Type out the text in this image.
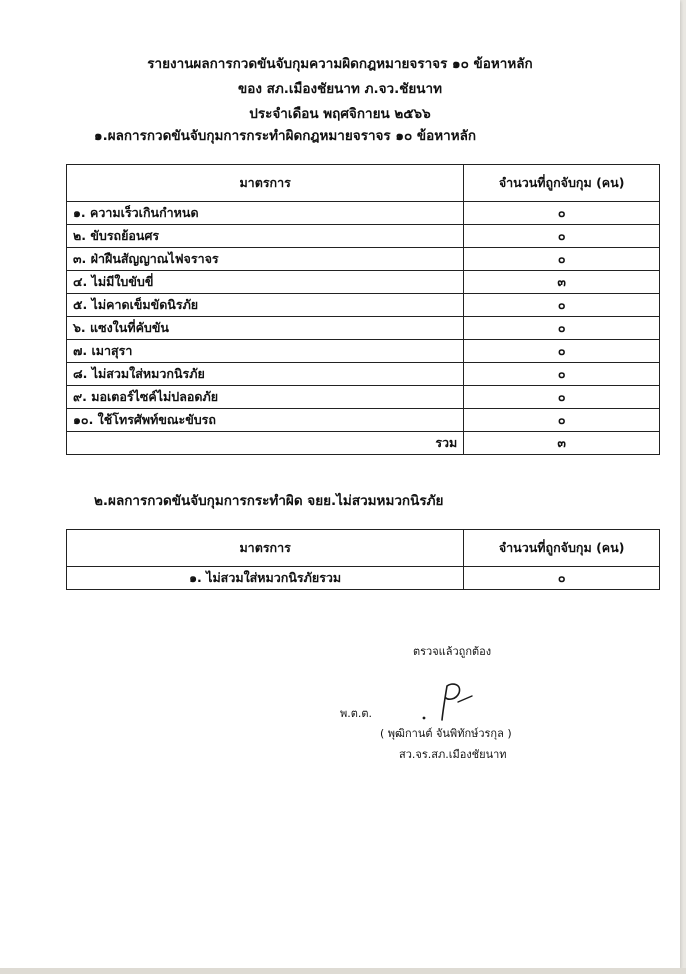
รายงานผลการกวดขันจับกุมความผิดกฎหมายจราจร ๑๐ ข้อหาหลัก
ของ สภ.เมืองชัยนาท ภ.จว.ชัยนาท
ประจำเดือน พฤศจิกายน ๒๕๖๖
๑.ผลการกวดขันจับกุมการกระทำผิดกฎหมายจราจร ๑๐ ข้อหาหลัก
มาตรการ	จำนวนที่ถูกจับกุม (คน)
๑. ความเร็วเกินกำหนด	๐
๒. ขับรถย้อนศร	๐
๓. ฝ่าฝืนสัญญาณไฟจราจร	๐
๔. ไม่มีใบขับขี่	๓
๕. ไม่คาดเข็มขัดนิรภัย	๐
๖. แซงในที่คับขัน	๐
๗. เมาสุรา	๐
๘. ไม่สวมใส่หมวกนิรภัย	๐
๙. มอเตอร์ไซค์ไม่ปลอดภัย	๐
๑๐. ใช้โทรศัพท์ขณะขับรถ	๐
รวม	๓
๒.ผลการกวดขันจับกุมการกระทำผิด จยย.ไม่สวมหมวกนิรภัย
มาตรการ	จำนวนที่ถูกจับกุม (คน)
๑. ไม่สวมใส่หมวกนิรภัยรวม	๐
ตรวจแล้วถูกต้อง
พ.ต.ต.
( พุฒิกานต์ จันพิทักษ์วรกุล )
สว.จร.สภ.เมืองชัยนาท
